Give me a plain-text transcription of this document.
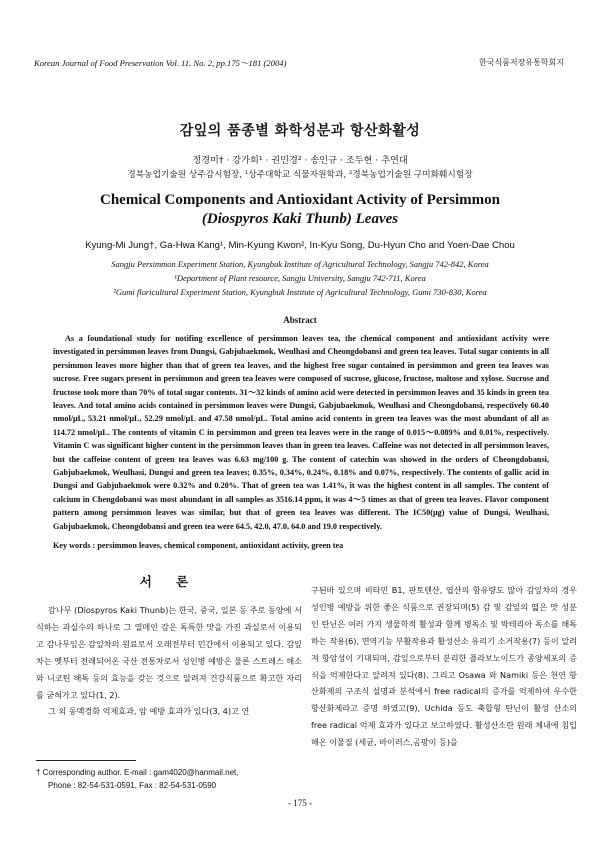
Korean Journal of Food Preservation Vol. 11. No. 2, pp.175～181 (2004)	한국식품저장유통학회지
감잎의 품종별 화학성분과 항산화활성
정경미† · 강가희¹ · 권민경² · 송인규 · 조두현 · 추연대
경북농업기술원 상주감시험장, ¹상주대학교 식물자원학과, ²경북농업기술원 구미화훼시험장
Chemical Components and Antioxidant Activity of Persimmon
(Diospyros Kaki Thunb) Leaves
Kyung-Mi Jung†, Ga-Hwa Kang¹, Min-Kyung Kwon², In-Kyu Song, Du-Hyun Cho and Yoen-Dae Chou
Sangju Persimmon Experiment Station, Kyungbuk Institute of Agricultural Technology, Sangju 742-842, Korea
¹Department of Plant resource, Sangju University, Sangju 742-711, Korea
²Gumi floricultural Experiment Station, Kyungbuk Institute of Agricultural Technology, Gumi 730-830, Korea
Abstract
As a foundational study for notifing excellence of persimmon leaves tea, the chemical component and antioxidant activity were investigated in persimmon leaves from Dungsi, Gabjubaekmok, Weulhasi and Cheongdobansi and green tea leaves. Total sugar contents in all persimmon leaves more higher than that of green tea leaves, and the highest free sugar contained in persimmon and green tea leaves was sucrose. Free sugars present in persimmon and green tea leaves were composed of sucrose, glucose, fructose, maltose and xylose. Sucrose and fructose took more than 70% of total sugar contents. 31～32 kinds of amino acid were detected in persimmon leaves and 35 kinds in green tea leaves. And total amino acids contained in persimmon leaves were Dungsi, Gabjubaekmok, Weulhasi and Cheongdobansi, respectively 60.40 nmol/μL, 53.21 nmol/μL, 52.29 nmol/μL and 47.58 nmol/μL. Total amino acid contents in green tea leaves was the most abundant of all as 114.72 nmol/μL. The contents of vitamin C in persimmon and green tea leaves were in the range of 0.015～0.089% and 0.01%, respectively. Vitamin C was significant higher content in the persimmon leaves than in green tea leaves. Caffeine was not detected in all persimmon leaves, but the caffeine content of green tea leaves was 6.63 mg/100 g. The content of catechin was showed in the orders of Cheongdobansi, Gabjubaekmok, Weulhasi, Dungsi and green tea leaves; 0.35%, 0.34%, 0.24%, 0.18% and 0.07%, respectively. The contents of gallic acid in Dungsi and Gabjubaekmok were 0.32% and 0.20%. That of green tea was 1.41%, it was the highest content in all samples. The content of calcium in Chengdobansi was most abundant in all samples as 3516.14 ppm, it was 4～5 times as that of green tea leaves. Flavor component pattern among persimmon leaves was similar, but that of green tea leaves was different. The IC50(μg) value of Dungsi, Weulhasi, Gabjubaekmok, Cheongdobansi and green tea were 64.5, 42.0, 47.0, 64.0 and 19.0 respectively.
Key words : persimmon leaves, chemical component, antioxidant activity, green tea
서 론

감나무 (Diospyros Kaki Thunb)는 한국, 중국, 일본 등 주로 동양에 서식하는 과실수의 하나로 그 열매인 감은 독특한 맛을 가진 과실로서 이용되고 감나무잎은 감잎차의 원료로서 오래전부터 민간에서 이용되고 있다. 감잎차는 옛부터 전래되어온 국산 전통차로서 성인병 예방은 물론 스트레스 해소와 니코틴 해독 등의 효능을 갖는 것으로 알려져 건강식품으로 확고한 자리를 굳혀가고 있다(1, 2).

그 외 동맥경화 억제효과, 암 예방 효과가 있다(3, 4)고 연

구된바 있으며 비타민 B1, 판토텐산, 엽산의 함유량도 많아 감잎차의 경우 성인병 예방을 위한 좋은 식품으로 권장되며(5) 감 및 감잎의 떫은 맛 성분인 탄닌은 여러 가지 생물학적 활성과 함께 병독소 및 박테리아 독소를 해독하는 작용(6), 면역기능 부활작용과 활성산소 유리기 소거작용(7) 등이 알려져 항암성이 기대되며, 감잎으로부터 분리한 플라보노이드가 종양세포의 증식을 억제한다고 알려져 있다(8). 그리고 Osawa 와 Namiki 등은 천연 항산화제의 구조식 설명과 분석에서 free radical의 증가를 억제하여 우수한 항산화제라고 증명 하였고(9), Uchida 등도 축합형 탄닌이 활성 산소의 free radical 억제 효과가 있다고 보고하였다. 활성산소란 원래 체내에 침입해온 이물질 (세균, 바이러스,곰팡이 등)을

† Corresponding author. E-mail : gam4020@hanmail.net,
Phone : 82-54-531-0591, Fax : 82-54-531-0590
- 175 -
